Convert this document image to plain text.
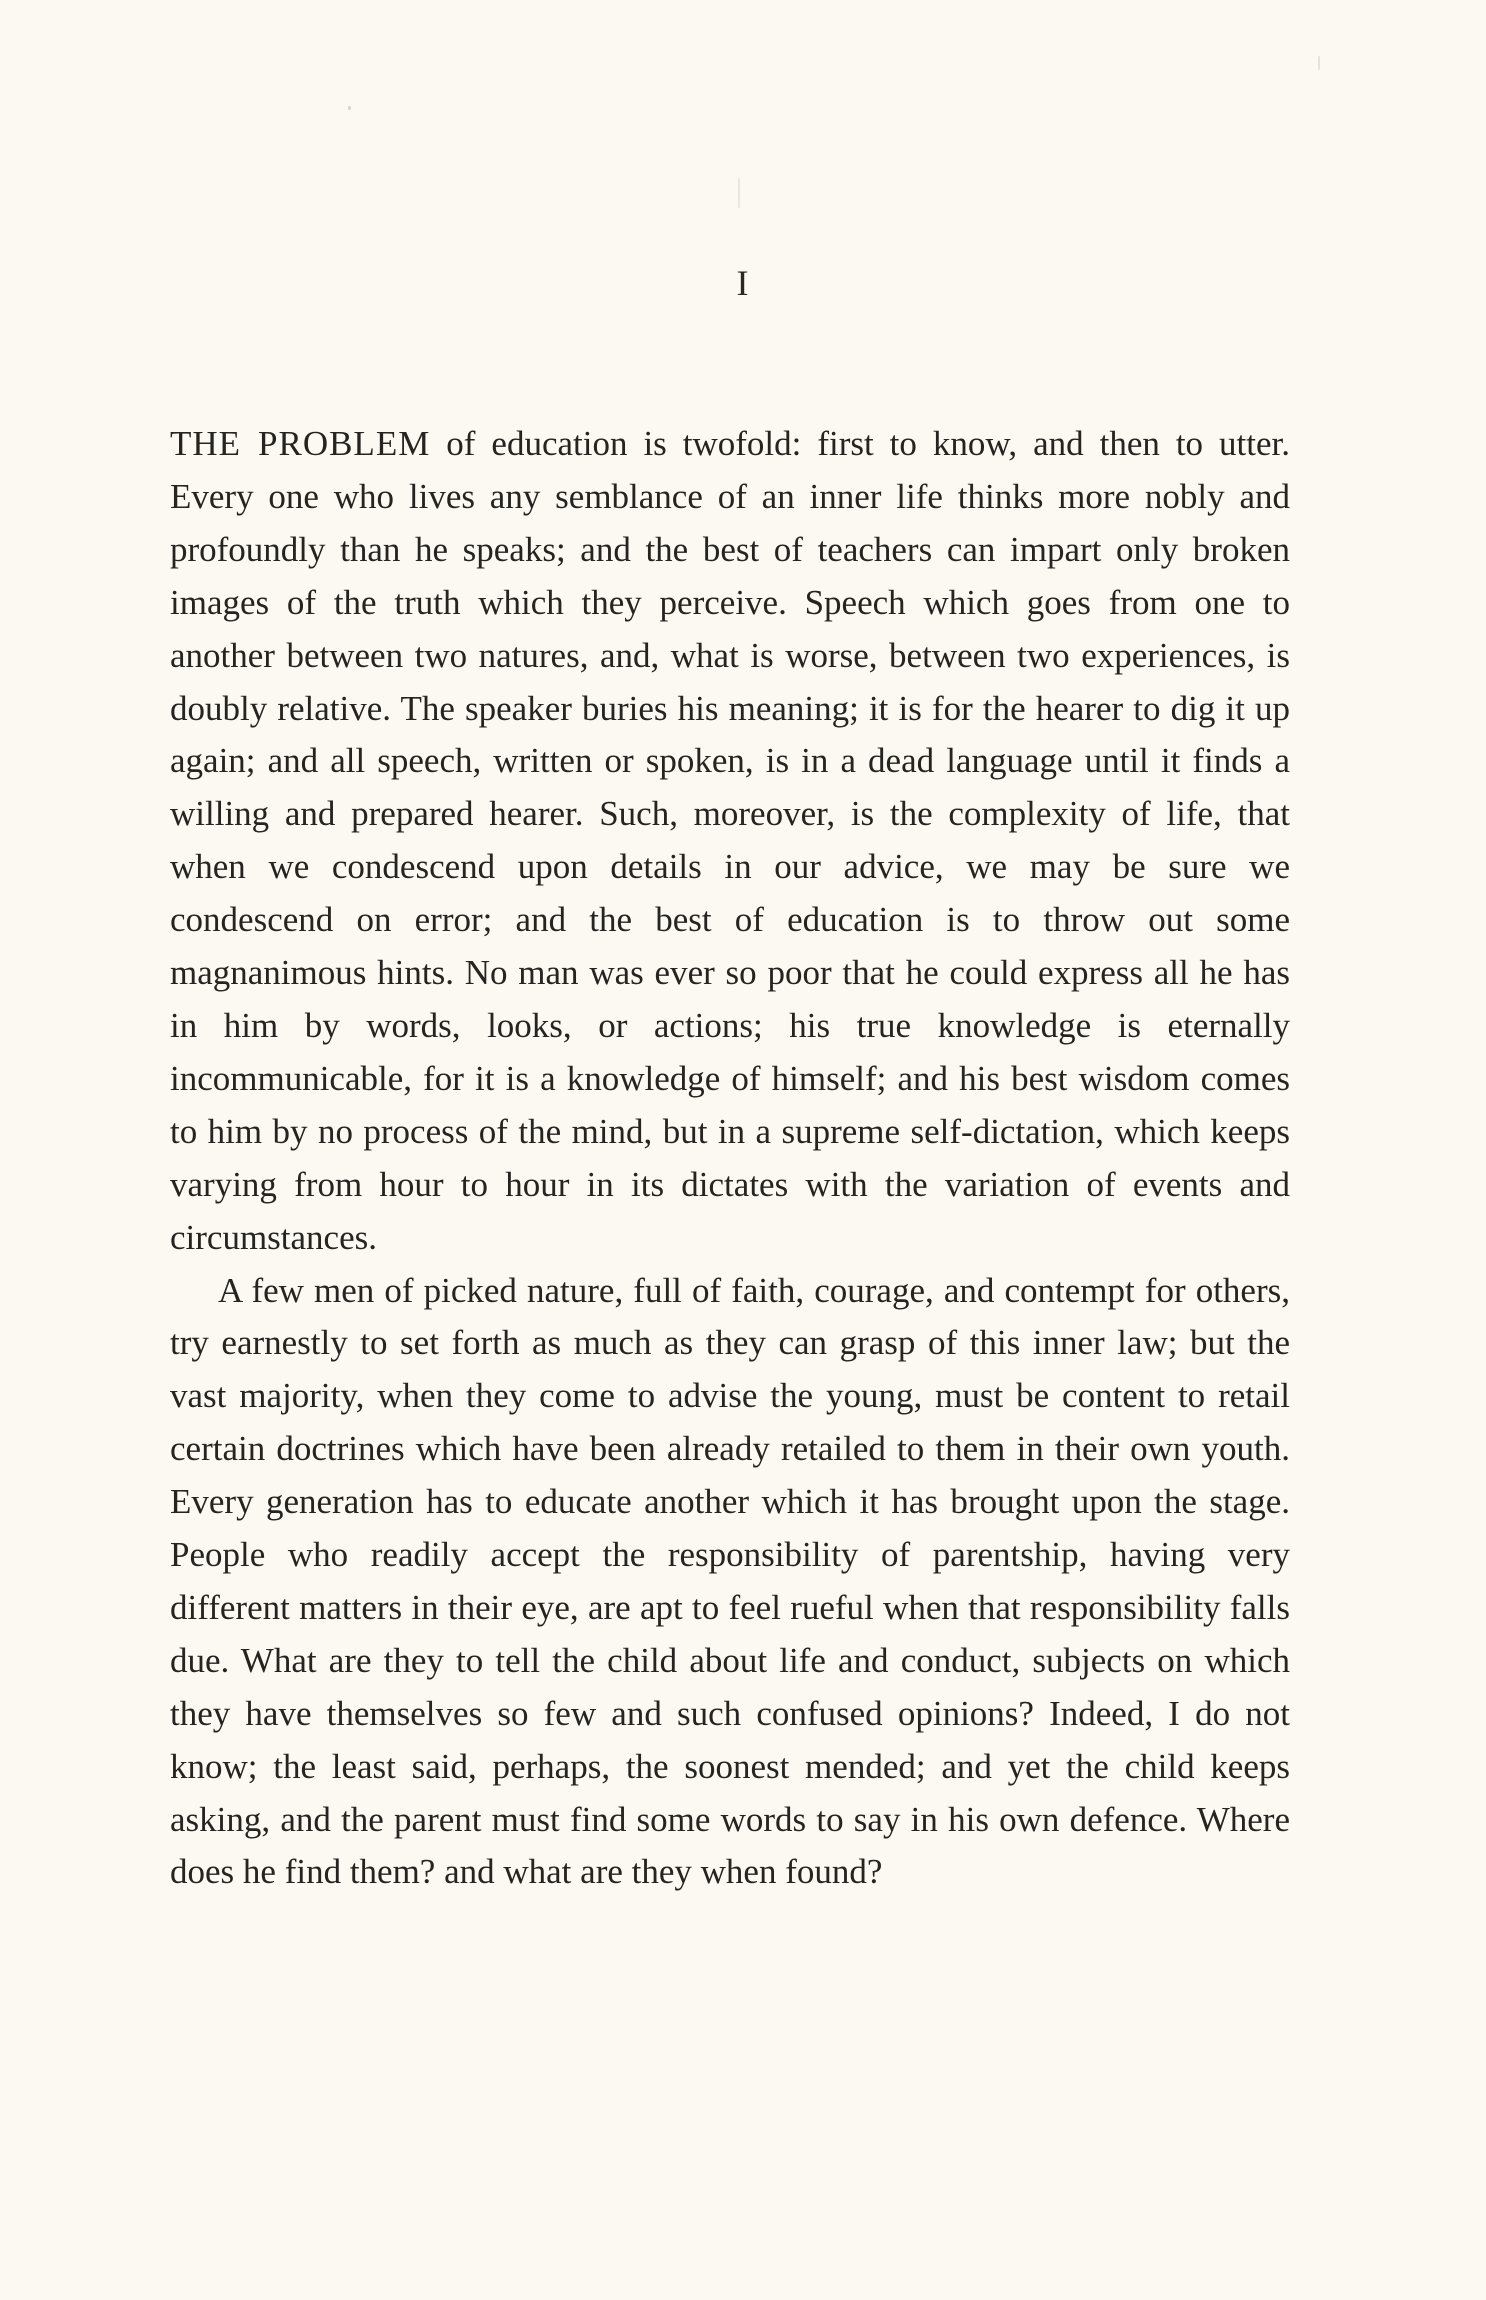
I

THE PROBLEM of education is twofold: first to know, and then to utter. Every one who lives any semblance of an inner life thinks more nobly and profoundly than he speaks; and the best of teachers can impart only broken images of the truth which they perceive. Speech which goes from one to another between two natures, and, what is worse, between two experiences, is doubly relative. The speaker buries his meaning; it is for the hearer to dig it up again; and all speech, written or spoken, is in a dead language until it finds a willing and prepared hearer. Such, moreover, is the complexity of life, that when we condescend upon details in our advice, we may be sure we condescend on error; and the best of education is to throw out some magnanimous hints. No man was ever so poor that he could express all he has in him by words, looks, or actions; his true knowledge is eternally incommunicable, for it is a knowledge of himself; and his best wisdom comes to him by no process of the mind, but in a supreme self-dictation, which keeps varying from hour to hour in its dictates with the variation of events and circumstances.

A few men of picked nature, full of faith, courage, and contempt for others, try earnestly to set forth as much as they can grasp of this inner law; but the vast majority, when they come to advise the young, must be content to retail certain doctrines which have been already retailed to them in their own youth. Every generation has to educate another which it has brought upon the stage. People who readily accept the responsibility of parentship, having very different matters in their eye, are apt to feel rueful when that responsibility falls due. What are they to tell the child about life and conduct, subjects on which they have themselves so few and such confused opinions? Indeed, I do not know; the least said, perhaps, the soonest mended; and yet the child keeps asking, and the parent must find some words to say in his own defence. Where does he find them? and what are they when found?
